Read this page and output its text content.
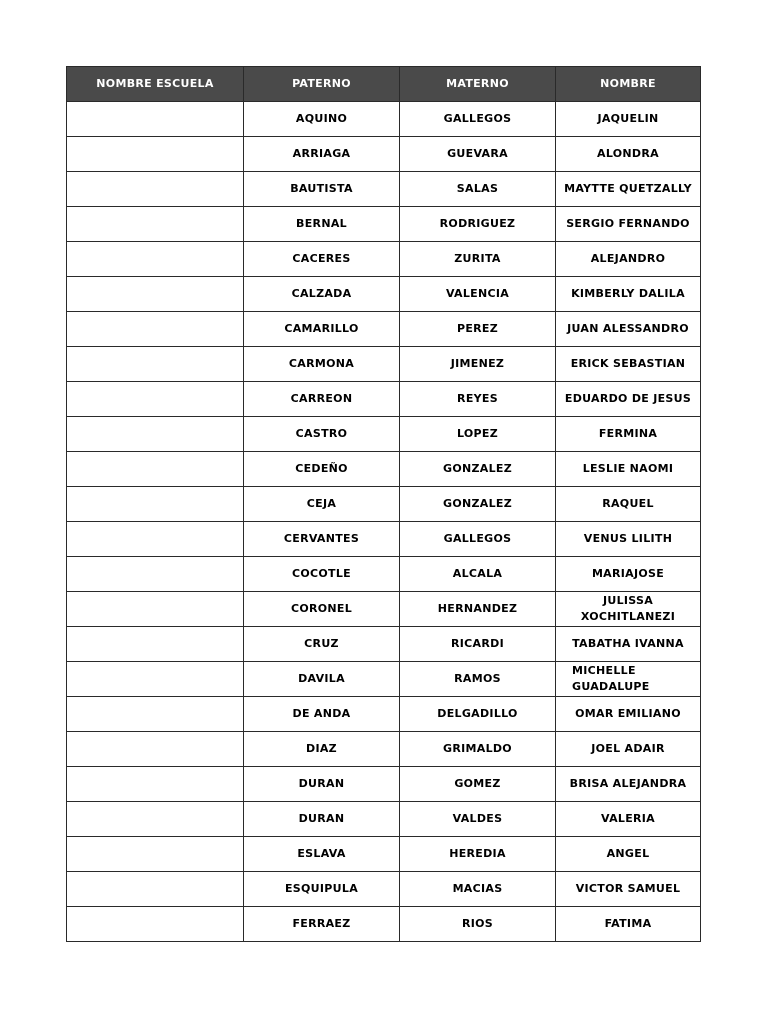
NOMBRE ESCUELA	PATERNO	MATERNO	NOMBRE
	AQUINO	GALLEGOS	JAQUELIN
	ARRIAGA	GUEVARA	ALONDRA
	BAUTISTA	SALAS	MAYTTE QUETZALLY
	BERNAL	RODRIGUEZ	SERGIO FERNANDO
	CACERES	ZURITA	ALEJANDRO
	CALZADA	VALENCIA	KIMBERLY DALILA
	CAMARILLO	PEREZ	JUAN ALESSANDRO
	CARMONA	JIMENEZ	ERICK SEBASTIAN
	CARREON	REYES	EDUARDO DE JESUS
	CASTRO	LOPEZ	FERMINA
	CEDEÑO	GONZALEZ	LESLIE NAOMI
	CEJA	GONZALEZ	RAQUEL
	CERVANTES	GALLEGOS	VENUS LILITH
	COCOTLE	ALCALA	MARIAJOSE
	CORONEL	HERNANDEZ	JULISSA XOCHITLANEZI
	CRUZ	RICARDI	TABATHA IVANNA
	DAVILA	RAMOS	MICHELLE GUADALUPE
	DE ANDA	DELGADILLO	OMAR EMILIANO
	DIAZ	GRIMALDO	JOEL ADAIR
	DURAN	GOMEZ	BRISA ALEJANDRA
	DURAN	VALDES	VALERIA
	ESLAVA	HEREDIA	ANGEL
	ESQUIPULA	MACIAS	VICTOR SAMUEL
	FERRAEZ	RIOS	FATIMA
